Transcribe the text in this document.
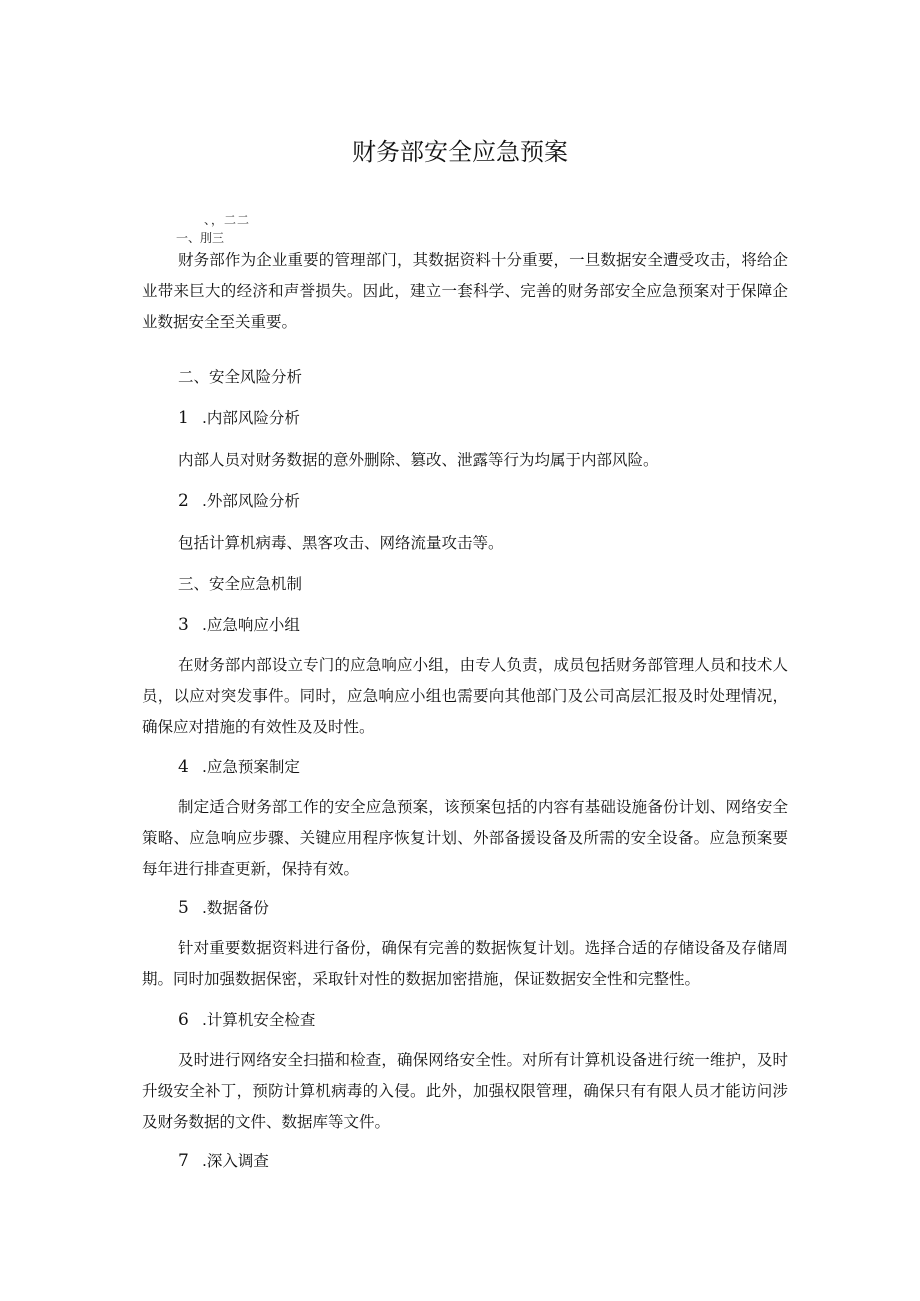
财务部安全应急预案
、，二二
一、刖三

财务部作为企业重要的管理部门，其数据资料十分重要，一旦数据安全遭受攻击，将给企业带来巨大的经济和声誉损失。因此，建立一套科学、完善的财务部安全应急预案对于保障企业数据安全至关重要。

二、安全风险分析
1 .内部风险分析
内部人员对财务数据的意外删除、篡改、泄露等行为均属于内部风险。
2 .外部风险分析
包括计算机病毒、黑客攻击、网络流量攻击等。
三、安全应急机制
3 .应急响应小组

在财务部内部设立专门的应急响应小组，由专人负责，成员包括财务部管理人员和技术人员，以应对突发事件。同时，应急响应小组也需要向其他部门及公司高层汇报及时处理情况，确保应对措施的有效性及及时性。

4 .应急预案制定

制定适合财务部工作的安全应急预案，该预案包括的内容有基础设施备份计划、网络安全策略、应急响应步骤、关键应用程序恢复计划、外部备援设备及所需的安全设备。应急预案要每年进行排查更新，保持有效。

5 .数据备份

针对重要数据资料进行备份，确保有完善的数据恢复计划。选择合适的存储设备及存储周期。同时加强数据保密，采取针对性的数据加密措施，保证数据安全性和完整性。

6 .计算机安全检查

及时进行网络安全扫描和检查，确保网络安全性。对所有计算机设备进行统一维护，及时升级安全补丁，预防计算机病毒的入侵。此外，加强权限管理，确保只有有限人员才能访问涉及财务数据的文件、数据库等文件。

7 .深入调查
